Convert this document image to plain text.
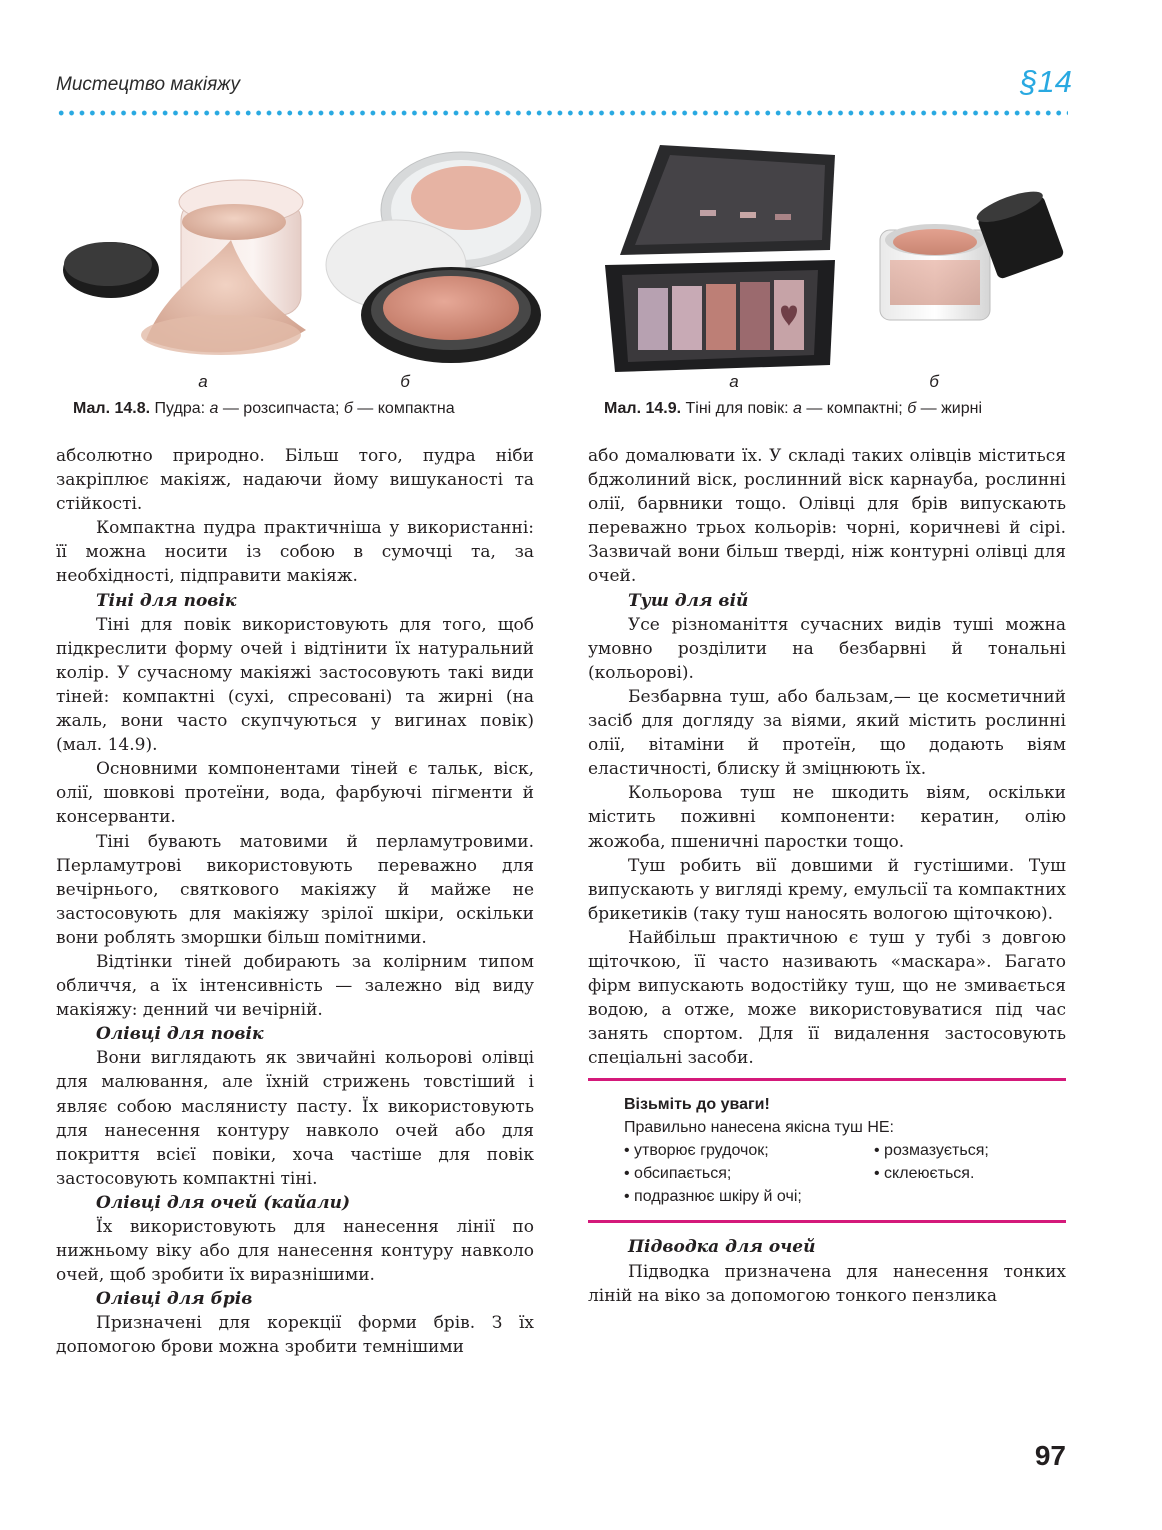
Мистецтво макіяжу	§14
а	б
Мал. 14.8. Пудра: а — розсипчаста; б — компактна
а	б
Мал. 14.9. Тіні для повік: а — компактні; б — жирні

абсолютно природно. Більш того, пудра ніби закріплює макіяж, надаючи йому вишуканості та стійкості.

Компактна пудра практичніша у використанні: її можна носити із собою в сумочці та, за необхідності, підправити макіяж.

Тіні для повік

Тіні для повік використовують для того, щоб підкреслити форму очей і відтінити їх натуральний колір. У сучасному макіяжі застосовують такі види тіней: компактні (сухі, спресовані) та жирні (на жаль, вони часто скупчуються у вигинах повік) (мал. 14.9).

Основними компонентами тіней є тальк, віск, олії, шовкові протеїни, вода, фарбуючі пігменти й консерванти.

Тіні бувають матовими й перламутровими. Перламутрові використовують переважно для вечірнього, святкового макіяжу й майже не застосовують для макіяжу зрілої шкіри, оскільки вони роблять зморшки більш помітними.

Відтінки тіней добирають за колірним типом обличчя, а їх інтенсивність — залежно від виду макіяжу: денний чи вечірній.

Олівці для повік

Вони виглядають як звичайні кольорові олівці для малювання, але їхній стрижень товстіший і являє собою маслянисту пасту. Їх використовують для нанесення контуру навколо очей або для покриття всієї повіки, хоча частіше для повік застосовують компактні тіні.

Олівці для очей (кайали)

Їх використовують для нанесення лінії по нижньому віку або для нанесення контуру навколо очей, щоб зробити їх виразнішими.

Олівці для брів

Призначені для корекції форми брів. З їх допомогою брови можна зробити темнішими

або домалювати їх. У складі таких олівців міститься бджолиний віск, рослинний віск карнауба, рослинні олії, барвники тощо. Олівці для брів випускають переважно трьох кольорів: чорні, коричневі й сірі. Зазвичай вони більш тверді, ніж контурні олівці для очей.

Туш для вій

Усе різноманіття сучасних видів туші можна умовно розділити на безбарвні й тональні (кольорові).

Безбарвна туш, або бальзам,— це косметичний засіб для догляду за віями, який містить рослинні олії, вітаміни й протеїн, що додають віям еластичності, блиску й зміцнюють їх.

Кольорова туш не шкодить віям, оскільки містить поживні компоненти: кератин, олію жожоба, пшеничні паростки тощо.

Туш робить вії довшими й густішими. Туш випускають у вигляді крему, емульсії та компактних брикетиків (таку туш наносять вологою щіточкою).

Найбільш практичною є туш у тубі з довгою щіточкою, її часто називають «маскара». Багато фірм випускають водостійку туш, що не змивається водою, а отже, може використовуватися під час занять спортом. Для її видалення застосовують спеціальні засоби.

Візьміть до уваги!
Правильно нанесена якісна туш НЕ:
• утворює грудочок;	• розмазується;
• обсипається;	• склеюється.
• подразнює шкіру й очі;
Підводка для очей

Підводка призначена для нанесення тонких ліній на віко за допомогою тонкого пензлика

97
